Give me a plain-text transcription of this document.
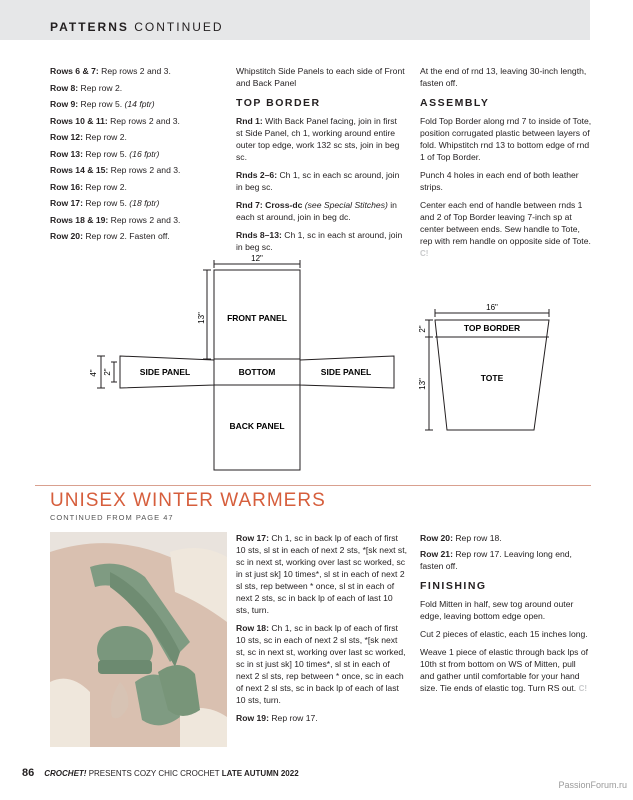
PATTERNS CONTINUED

Rows 6 & 7: Rep rows 2 and 3.

Row 8: Rep row 2.

Row 9: Rep row 5. (14 fptr)

Rows 10 & 11: Rep rows 2 and 3.

Row 12: Rep row 2.

Row 13: Rep row 5. (16 fptr)

Rows 14 & 15: Rep rows 2 and 3.

Row 16: Rep row 2.

Row 17: Rep row 5. (18 fptr)

Rows 18 & 19: Rep rows 2 and 3.

Row 20: Rep row 2. Fasten off.

Whipstitch Side Panels to each side of Front and Back Panel

TOP BORDER

Rnd 1: With Back Panel facing, join in first st Side Panel, ch 1, working around entire outer top edge, work 132 sc sts, join in beg sc.

Rnds 2–6: Ch 1, sc in each sc around, join in beg sc.

Rnd 7: Cross-dc (see Special Stitches) in each st around, join in beg dc.

Rnds 8–13: Ch 1, sc in each st around, join in beg sc.

At the end of rnd 13, leaving 30-inch length, fasten off.

ASSEMBLY

Fold Top Border along rnd 7 to inside of Tote, position corrugated plastic between layers of fold. Whipstitch rnd 13 to bottom edge of rnd 1 of Top Border.

Punch 4 holes in each end of both leather strips.

Center each end of handle between rnds 1 and 2 of Top Border leaving 7-inch sp at center between ends. Sew handle to Tote, rep with rem handle on opposite side of Tote. C!

12"
13" FRONT PANEL
BOTTOM
BACK PANEL
SIDE PANEL	SIDE PANEL
4" 2"
16"
2"
13"
TOP BORDER
TOTE
UNISEX WINTER WARMERS
CONTINUED FROM PAGE 47

Row 17: Ch 1, sc in back lp of each of first 10 sts, sl st in each of next 2 sts, *[sk next st, sc in next st, working over last sc worked, sc in st just sk] 10 times*, sl st in each of next 2 sl sts, rep between * once, sl st in each of next 2 sts, sc in back lp of each of last 10 sts, turn.

Row 18: Ch 1, sc in back lp of each of first 10 sts, sc in each of next 2 sl sts, *[sk next st, sc in next st, working over last sc worked, sc in st just sk] 10 times*, sl st in each of next 2 sl sts, rep between * once, sc in each of next 2 sl sts, sc in back lp of each of last 10 sts, turn.

Row 19: Rep row 17.

Row 20: Rep row 18.

Row 21: Rep row 17. Leaving long end, fasten off.

FINISHING

Fold Mitten in half, sew tog around outer edge, leaving bottom edge open.

Cut 2 pieces of elastic, each 15 inches long.

Weave 1 piece of elastic through back lps of 10th st from bottom on WS of Mitten, pull and gather until comfortable for your hand size. Tie ends of elastic tog. Turn RS out. C!

86 CROCHET! PRESENTS COZY CHIC CROCHET LATE AUTUMN 2022
PassionForum.ru
